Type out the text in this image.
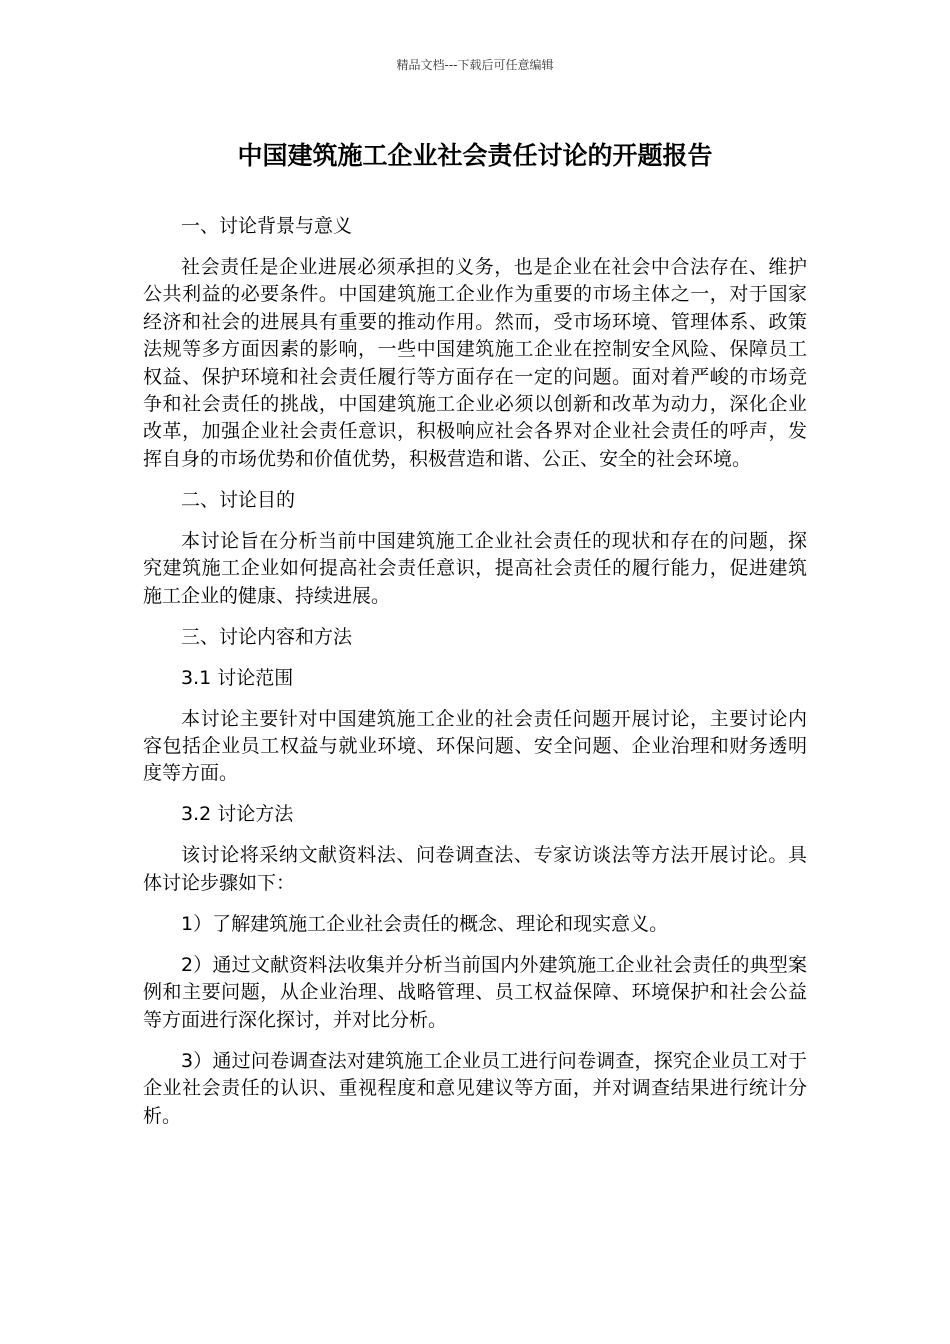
精品文档---下载后可任意编辑
中国建筑施工企业社会责任讨论的开题报告

一、讨论背景与意义

社会责任是企业进展必须承担的义务，也是企业在社会中合法存在、维护公共利益的必要条件。中国建筑施工企业作为重要的市场主体之一，对于国家经济和社会的进展具有重要的推动作用。然而，受市场环境、管理体系、政策法规等多方面因素的影响，一些中国建筑施工企业在控制安全风险、保障员工权益、保护环境和社会责任履行等方面存在一定的问题。面对着严峻的市场竞争和社会责任的挑战，中国建筑施工企业必须以创新和改革为动力，深化企业改革，加强企业社会责任意识，积极响应社会各界对企业社会责任的呼声，发挥自身的市场优势和价值优势，积极营造和谐、公正、安全的社会环境。

二、讨论目的

本讨论旨在分析当前中国建筑施工企业社会责任的现状和存在的问题，探究建筑施工企业如何提高社会责任意识，提高社会责任的履行能力，促进建筑施工企业的健康、持续进展。

三、讨论内容和方法

3.1 讨论范围

本讨论主要针对中国建筑施工企业的社会责任问题开展讨论，主要讨论内容包括企业员工权益与就业环境、环保问题、安全问题、企业治理和财务透明度等方面。

3.2 讨论方法

该讨论将采纳文献资料法、问卷调查法、专家访谈法等方法开展讨论。具体讨论步骤如下：

1）了解建筑施工企业社会责任的概念、理论和现实意义。

2）通过文献资料法收集并分析当前国内外建筑施工企业社会责任的典型案例和主要问题，从企业治理、战略管理、员工权益保障、环境保护和社会公益等方面进行深化探讨，并对比分析。

3）通过问卷调查法对建筑施工企业员工进行问卷调查，探究企业员工对于企业社会责任的认识、重视程度和意见建议等方面，并对调查结果进行统计分析。
